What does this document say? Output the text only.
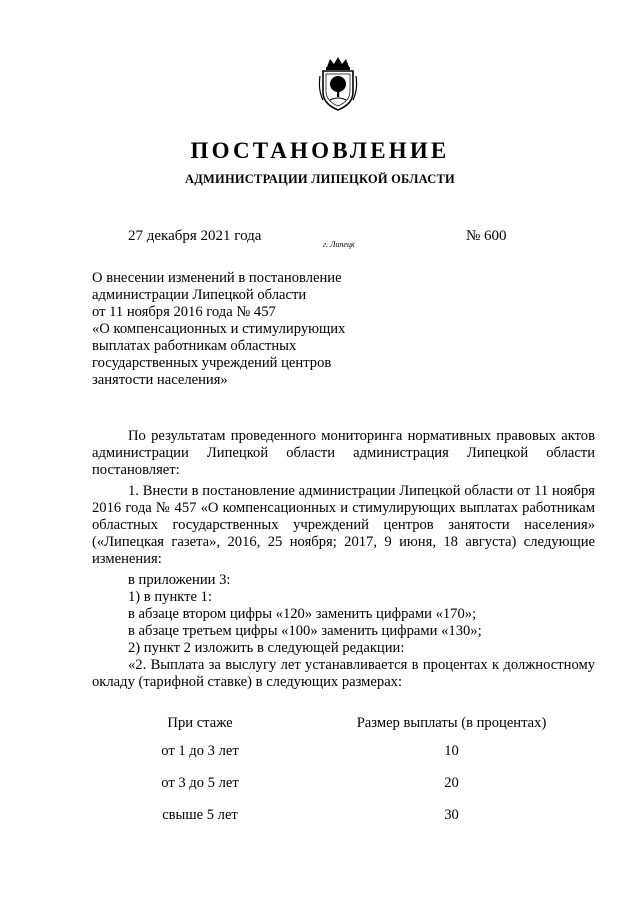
ПОСТАНОВЛЕНИЕ
АДМИНИСТРАЦИИ ЛИПЕЦКОЙ ОБЛАСТИ
27 декабря 2021 года
г. Липецк
№ 600
О внесении изменений в постановление
администрации Липецкой области
от 11 ноября 2016 года № 457
«О компенсационных и стимулирующих
выплатах работникам областных
государственных учреждений центров
занятости населения»

По результатам проведенного мониторинга нормативных правовых актов администрации Липецкой области администрация Липецкой области постановляет:

1. Внести в постановление администрации Липецкой области от 11 ноября 2016 года № 457 «О компенсационных и стимулирующих выплатах работникам областных государственных учреждений центров занятости населения» («Липецкая газета», 2016, 25 ноября; 2017, 9 июня, 18 августа) следующие изменения:

в приложении 3:
1) в пункте 1:
в абзаце втором цифры «120» заменить цифрами «170»;
в абзаце третьем цифры «100» заменить цифрами «130»;
2) пункт 2 изложить в следующей редакции:

«2. Выплата за выслугу лет устанавливается в процентах к должностному окладу (тарифной ставке) в следующих размерах:

При стаже	Размер выплаты (в процентах)
от 1 до 3 лет	10
от 3 до 5 лет	20
свыше 5 лет	30
